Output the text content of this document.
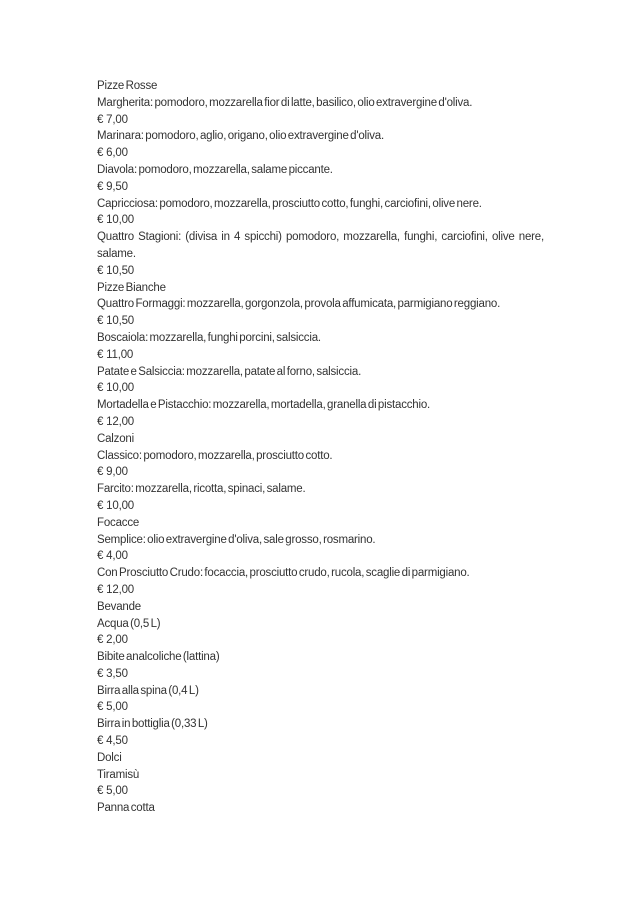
Pizze Rosse
Margherita: pomodoro, mozzarella fior di latte, basilico, olio extravergine d'oliva.
€  7,00
Marinara: pomodoro, aglio, origano, olio extravergine d'oliva.
€  6,00
Diavola: pomodoro, mozzarella, salame piccante.
€  9,50
Capricciosa: pomodoro, mozzarella, prosciutto cotto, funghi, carciofini, olive nere.
€  10,00
Quattro Stagioni: (divisa in 4 spicchi) pomodoro, mozzarella, funghi, carciofini, olive nere, salame.
€  10,50
Pizze Bianche
Quattro Formaggi: mozzarella, gorgonzola, provola affumicata, parmigiano reggiano.
€  10,50
Boscaiola: mozzarella, funghi porcini, salsiccia.
€  11,00
Patate e Salsiccia: mozzarella, patate al forno, salsiccia.
€  10,00
Mortadella e Pistacchio: mozzarella, mortadella, granella di pistacchio.
€  12,00
Calzoni
Classico: pomodoro, mozzarella, prosciutto cotto.
€  9,00
Farcito: mozzarella, ricotta, spinaci, salame.
€  10,00
Focacce
Semplice: olio extravergine d'oliva, sale grosso, rosmarino.
€  4,00
Con Prosciutto Crudo: focaccia, prosciutto crudo, rucola, scaglie di parmigiano.
€  12,00
Bevande
Acqua (0,5 L)
€  2,00
Bibite analcoliche (lattina)
€  3,50
Birra alla spina (0,4 L)
€  5,00
Birra in bottiglia (0,33 L)
€  4,50
Dolci
Tiramisù
€  5,00
Panna cotta
